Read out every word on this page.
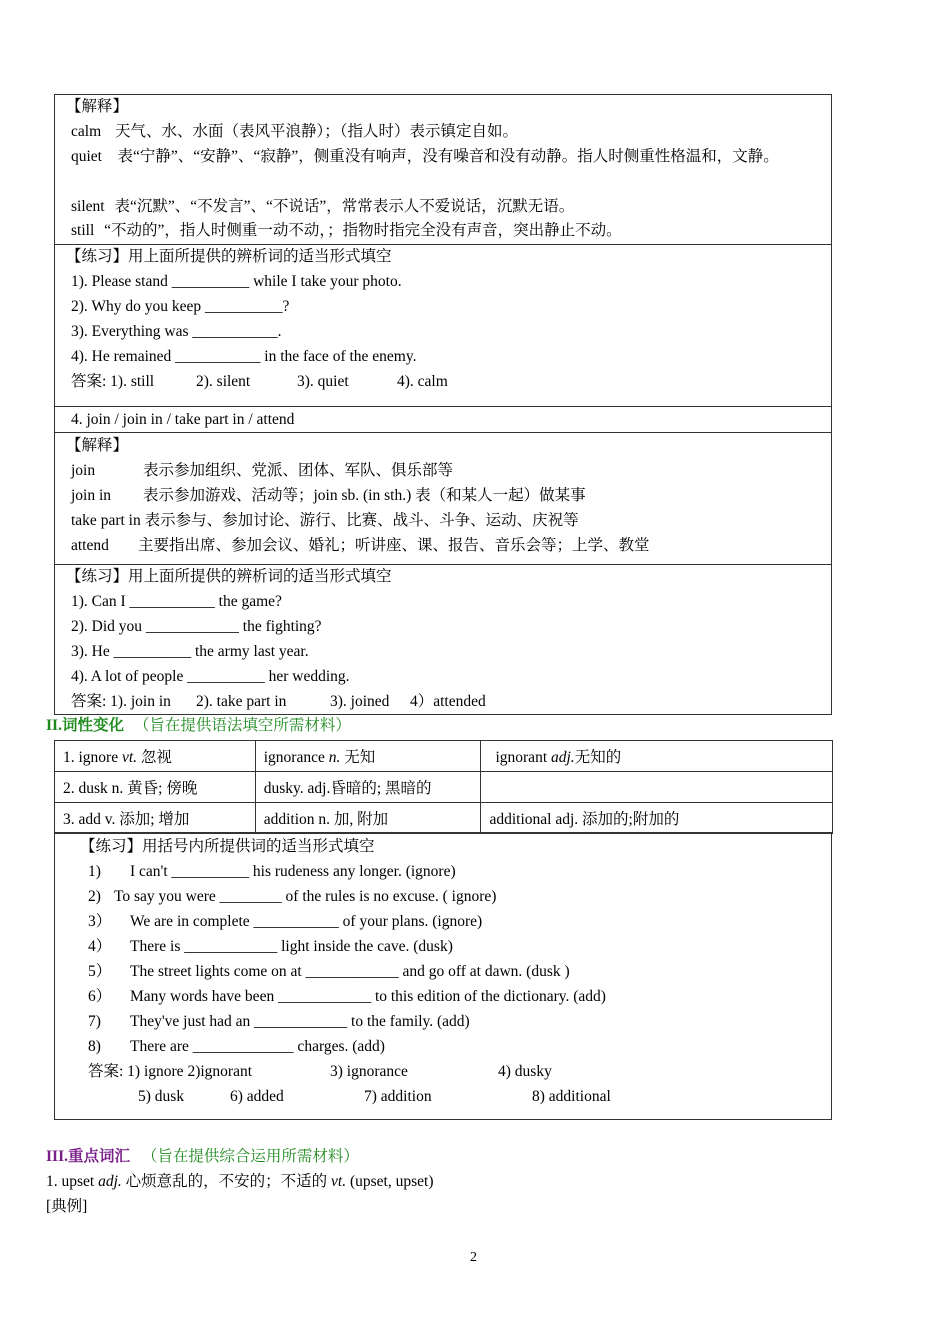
【解释】
calm 天气、水、水面（表风平浪静）；（指人时）表示镇定自如。
quiet　表“宁静”、“安静”、“寂静”，侧重没有响声，没有噪音和没有动静。指人时侧重性格温和，文静。
silent 表“沉默”、“不发言”、“不说话”，常常表示人不爱说话，沉默无语。
still “不动的”，指人时侧重一动不动，；指物时指完全没有声音，突出静止不动。
【练习】用上面所提供的辨析词的适当形式填空
1). Please stand __________ while I take your photo.
2). Why do you keep __________?
3). Everything was ___________.
4). He remained ___________ in the face of the enemy.
答案: 1). still	2). silent	3). quiet	4). calm
4. join / join in / take part in / attend
【解释】
join	表示参加组织、党派、团体、军队、俱乐部等
join in 表示参加游戏、活动等；join sb. (in sth.) 表（和某人一起）做某事
take part in 表示参与、参加讨论、游行、比赛、战斗、斗争、运动、庆祝等
attend 主要指出席、参加会议、婚礼；听讲座、课、报告、音乐会等；上学、教堂
【练习】用上面所提供的辨析词的适当形式填空
1). Can I ___________ the game?
2). Did you ____________ the fighting?
3). He __________ the army last year.
4). A lot of people __________ her wedding.
答案: 1). join in 2). take part in	3). joined 4）attended
II.词性变化 （旨在提供语法填空所需材料）
1. ignore vt. 忽视	ignorance n. 无知	ignorant adj.无知的
2. dusk n. 黄昏; 傍晚	dusky. adj.昏暗的; 黑暗的	
3. add v. 添加; 增加	addition n. 加, 附加	additional adj. 添加的;附加的
【练习】用括号内所提供词的适当形式填空
1) I can't __________ his rudeness any longer. (ignore)
2) To say you were ________ of the rules is no excuse. ( ignore)
3） We are in complete ___________ of your plans. (ignore)
4） There is ____________ light inside the cave. (dusk)
5） The street lights come on at ____________ and go off at dawn. (dusk )
6） Many words have been ____________ to this edition of the dictionary. (add)
7) They've just had an ____________ to the family. (add)
8) There are _____________ charges. (add)
答案: 1) ignore 2)ignorant	3) ignorance	4) dusky
5) dusk	6) added	7) addition	8) additional
III.重点词汇 （旨在提供综合运用所需材料）
1. upset adj. 心烦意乱的，不安的；不适的 vt. (upset, upset)
[典例]
2
